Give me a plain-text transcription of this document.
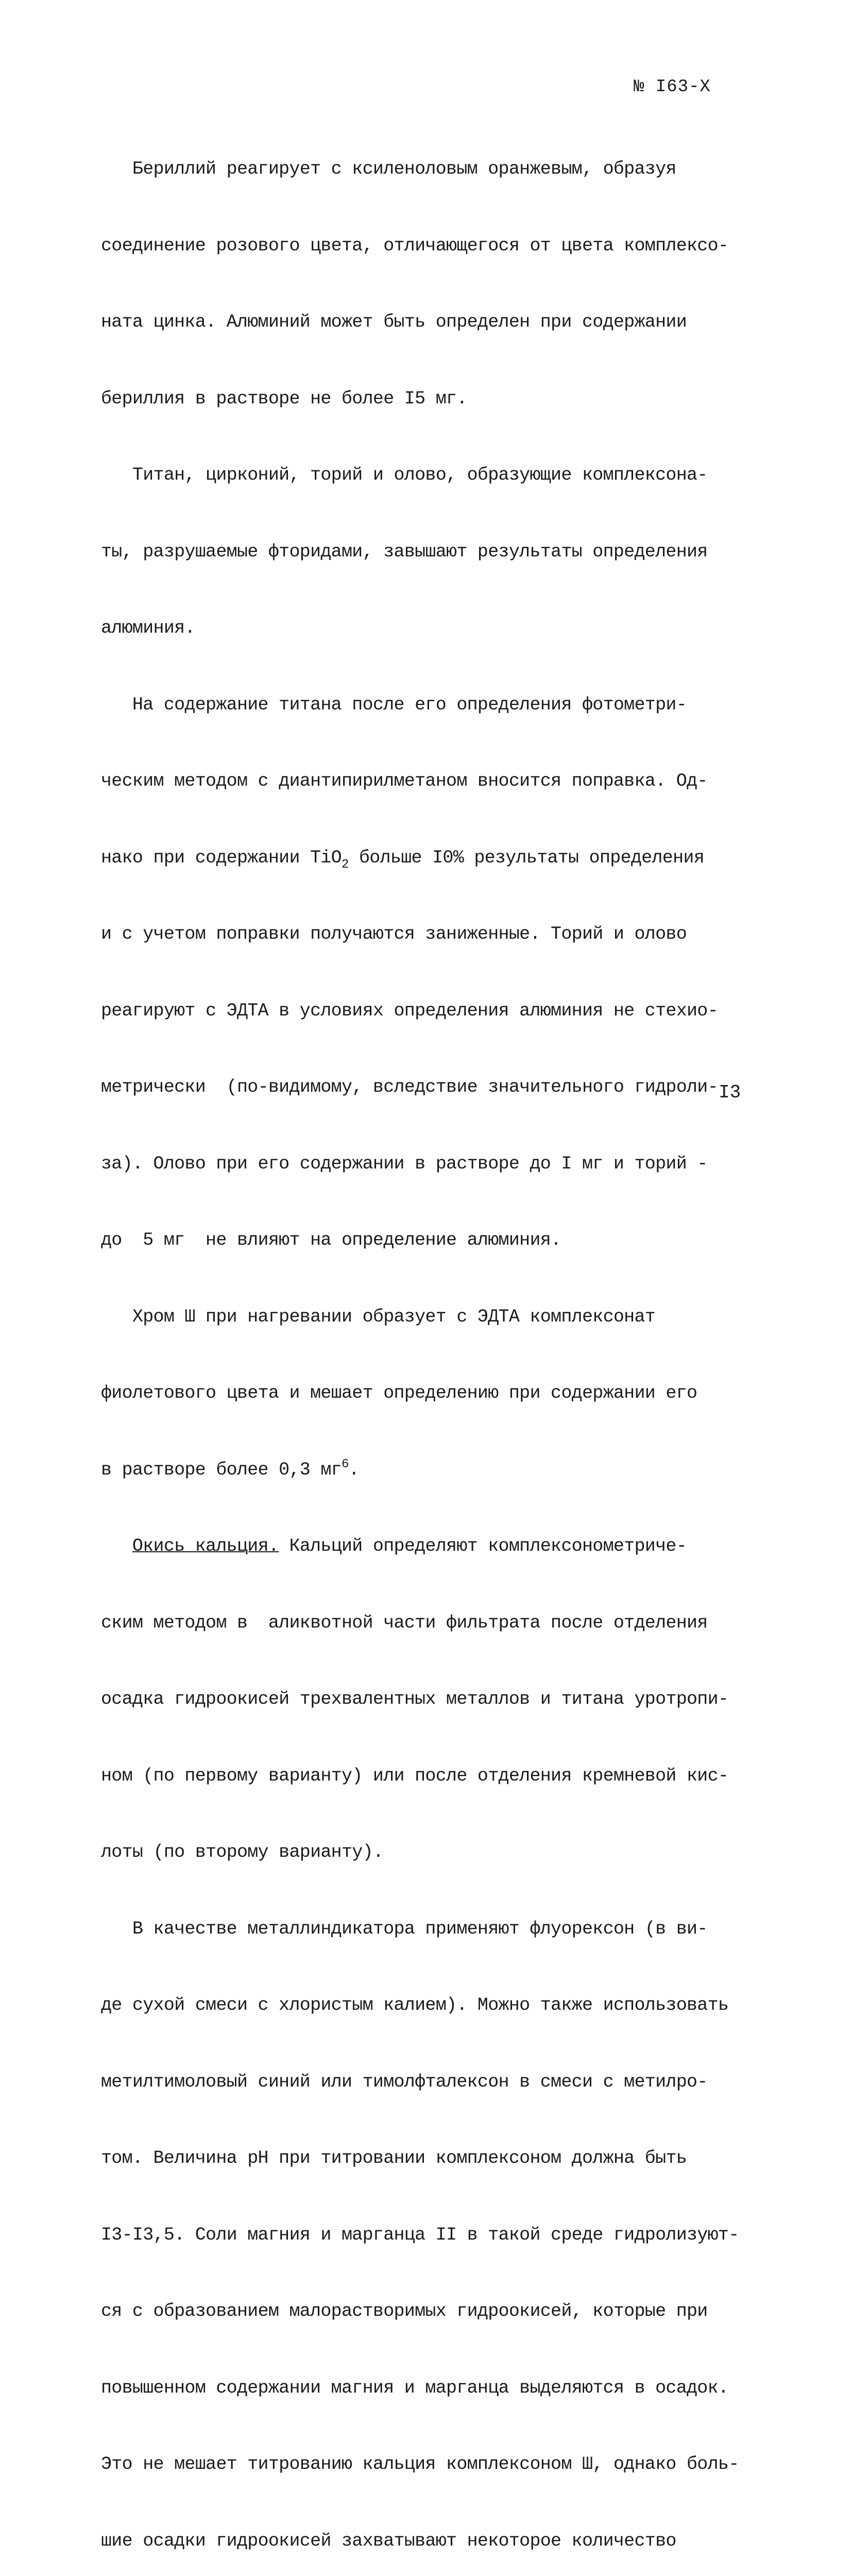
№ I63-X

Бериллий реагирует с ксиленоловым оранжевым, образуя

соединение розового цвета, отличающегося от цвета комплексо-

ната цинка. Алюминий может быть определен при содержании

бериллия в растворе не более I5 мг.

Титан, цирконий, торий и олово, образующие комплексона-

ты, разрушаемые фторидами, завышают результаты определения

алюминия.

На содержание титана после его определения фотометри-

ческим методом с диантипирилметаном вносится поправка. Од-

нако при содержании TiO$_2$ больше I0% результаты определения

и с учетом поправки получаются заниженные. Торий и олово

реагируют с ЭДТА в условиях определения алюминия не стехио-

метрически  (по-видимому, вследствие значительного гидроли-

за). Олово при его содержании в растворе до I мг и торий -

до  5 мг  не влияют на определение алюминия.

Хром Ш при нагревании образует с ЭДТА комплексонат

фиолетового цвета и мешает определению при содержании его

в растворе более 0,3 $мг^6$.

Окись кальция. Кальций определяют комплексонометриче-

ским методом в  аликвотной части фильтрата после отделения

осадка гидроокисей трехвалентных металлов и титана уротропи-

ном (по первому варианту) или после отделения кремневой кис-

лоты (по второму варианту).

В качестве металлиндикатора применяют флуорексон (в ви-

де сухой смеси с хлористым калием). Можно также использовать

метилтимоловый синий или тимолфталексон в смеси с метилро-

том. Величина pH при титровании комплексоном должна быть

I3-I3,5. Соли магния и марганца II в такой среде гидролизуют-

ся с образованием малорастворимых гидроокисей, которые при

повышенном содержании магния и марганца выделяются в осадок.

Это не мешает титрованию кальция комплексоном Ш, однако боль-

шие осадки гидроокисей захватывают некоторое количество

I3
